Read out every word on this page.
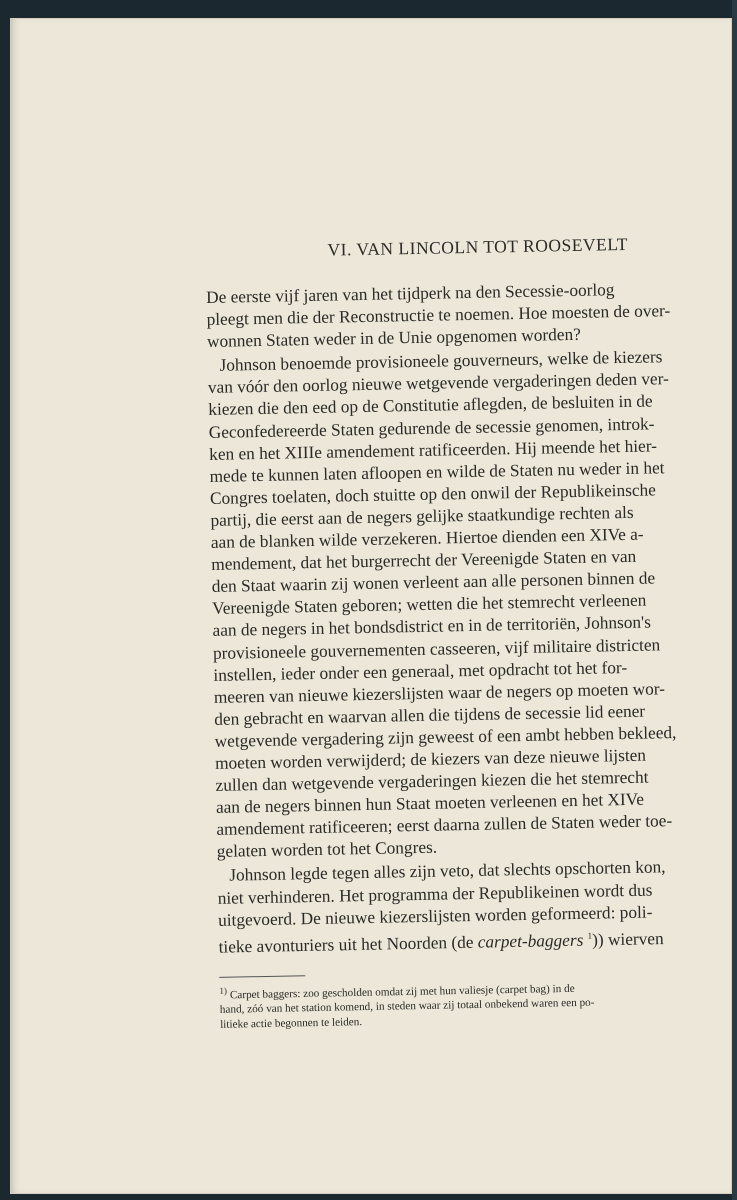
VI. VAN LINCOLN TOT ROOSEVELT
De eerste vijf jaren van het tijdperk na den Secessie-oorlog
pleegt men die der Reconstructie te noemen. Hoe moesten de over-
wonnen Staten weder in de Unie opgenomen worden?
Johnson benoemde provisioneele gouverneurs, welke de kiezers
van vóór den oorlog nieuwe wetgevende vergaderingen deden ver-
kiezen die den eed op de Constitutie aflegden, de besluiten in de
Geconfedereerde Staten gedurende de secessie genomen, introk-
ken en het XIIIe amendement ratificeerden. Hij meende het hier-
mede te kunnen laten afloopen en wilde de Staten nu weder in het
Congres toelaten, doch stuitte op den onwil der Republikeinsche
partij, die eerst aan de negers gelijke staatkundige rechten als
aan de blanken wilde verzekeren. Hiertoe dienden een XIVe a-
mendement, dat het burgerrecht der Vereenigde Staten en van
den Staat waarin zij wonen verleent aan alle personen binnen de
Vereenigde Staten geboren; wetten die het stemrecht verleenen
aan de negers in het bondsdistrict en in de territoriën, Johnson's
provisioneele gouvernementen casseeren, vijf militaire districten
instellen, ieder onder een generaal, met opdracht tot het for-
meeren van nieuwe kiezerslijsten waar de negers op moeten wor-
den gebracht en waarvan allen die tijdens de secessie lid eener
wetgevende vergadering zijn geweest of een ambt hebben bekleed,
moeten worden verwijderd; de kiezers van deze nieuwe lijsten
zullen dan wetgevende vergaderingen kiezen die het stemrecht
aan de negers binnen hun Staat moeten verleenen en het XIVe
amendement ratificeeren; eerst daarna zullen de Staten weder toe-
gelaten worden tot het Congres.
Johnson legde tegen alles zijn veto, dat slechts opschorten kon,
niet verhinderen. Het programma der Republikeinen wordt dus
uitgevoerd. De nieuwe kiezerslijsten worden geformeerd: poli-
tieke avonturiers uit het Noorden (de carpet-baggers $^1$)) wierven
$^{1)}$ Carpet baggers: zoo gescholden omdat zij met hun valiesje (carpet bag) in de
hand, zóó van het station komend, in steden waar zij totaal onbekend waren een po-
litieke actie begonnen te leiden.
